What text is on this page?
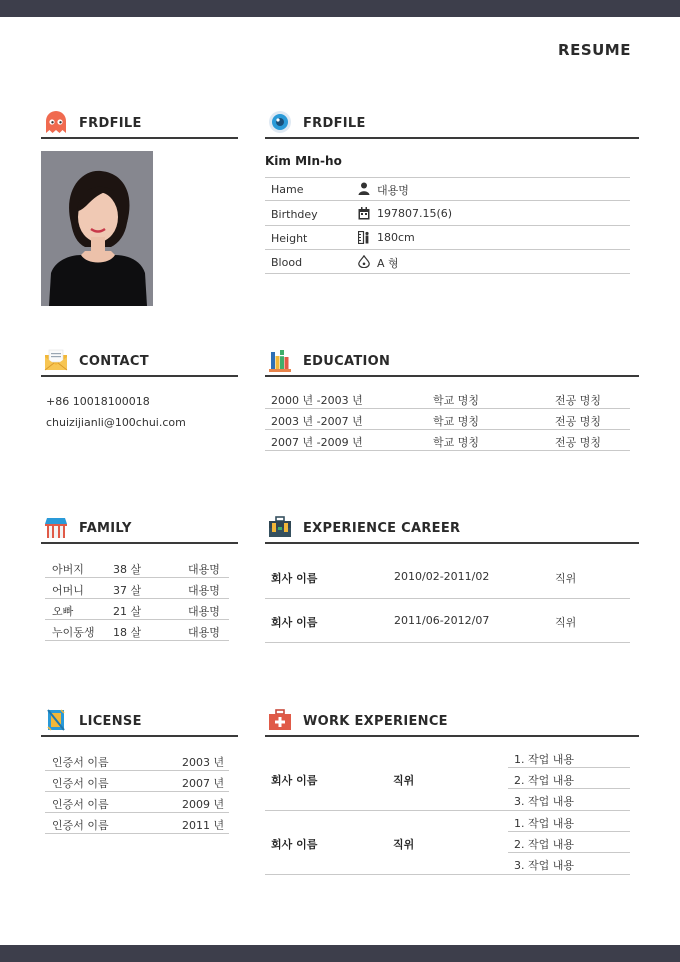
RESUME
FRDFILE	FRDFILE
Kim MIn-ho
Hame	대용명
Birthdey	197807.15(6)
Height	180cm
Blood	A 형
CONTACT
+86 10018100018
chuizijianli@100chui.com
EDUCATION
2000 년 -2003 년	학교 명칭	전공 명칭
2003 년 -2007 년	학교 명칭	전공 명칭
2007 년 -2009 년	학교 명칭	전공 명칭
FAMILY
아버지	38 살	대용명
어머니	37 살	대용명
오빠	21 살	대용명
누이동생 18 살	대용명
EXPERIENCE CAREER
회사 이름	2010/02-2011/02	직위
회사 이름	2011/06-2012/07	직위
LICENSE
인증서 이름	2003 년
인증서 이름	2007 년
인증서 이름	2009 년
인증서 이름	2011 년
WORK EXPERIENCE
회사 이름	직위
1. 작업 내용
2. 작업 내용
3. 작업 내용
회사 이름	직위
1. 작업 내용
2. 작업 내용
3. 작업 내용
